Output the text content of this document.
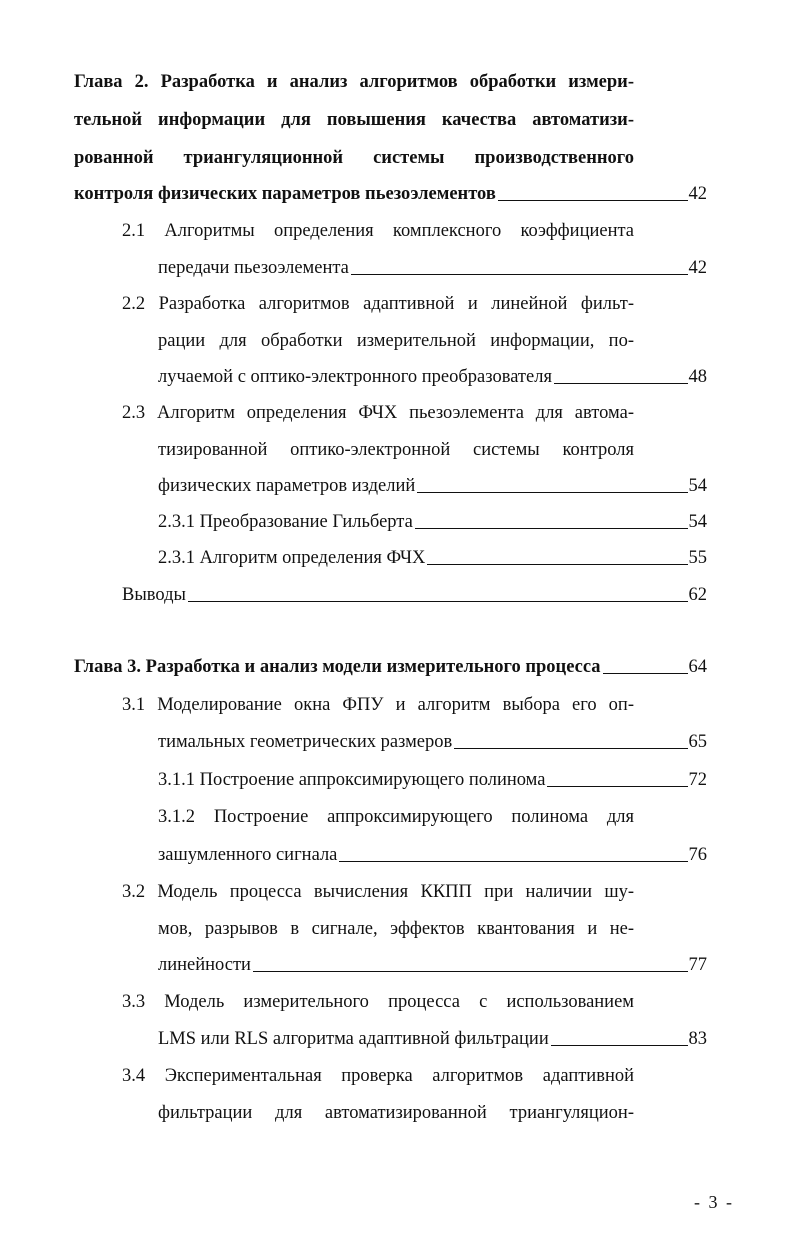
Глава 2. Разработка и анализ алгоритмов обработки измери-
тельной информации для повышения качества автоматизи-
рованной триангуляционной системы производственного
контроля физических параметров пьезоэлементов	42
2.1 Алгоритмы определения комплексного коэффициента
передачи пьезоэлемента	42
2.2 Разработка алгоритмов адаптивной и линейной фильт-
рации для обработки измерительной информации, по-
лучаемой с оптико-электронного преобразователя	48
2.3 Алгоритм определения ФЧХ пьезоэлемента для автома-
тизированной оптико-электронной системы контроля
физических параметров изделий	54
2.3.1 Преобразование Гильберта	54
2.3.1 Алгоритм определения ФЧХ	55
Выводы	62
Глава 3. Разработка и анализ модели измерительного процесса	64
3.1 Моделирование окна ФПУ и алгоритм выбора его оп-
тимальных геометрических размеров	65
3.1.1 Построение аппроксимирующего полинома	72
3.1.2 Построение аппроксимирующего полинома для
зашумленного сигнала	76
3.2 Модель процесса вычисления ККПП при наличии шу-
мов, разрывов в сигнале, эффектов квантования и не-
линейности	77
3.3 Модель измерительного процесса с использованием
LMS или RLS алгоритма адаптивной фильтрации	83
3.4 Экспериментальная проверка алгоритмов адаптивной
фильтрации для автоматизированной триангуляцион-
- 3 -
